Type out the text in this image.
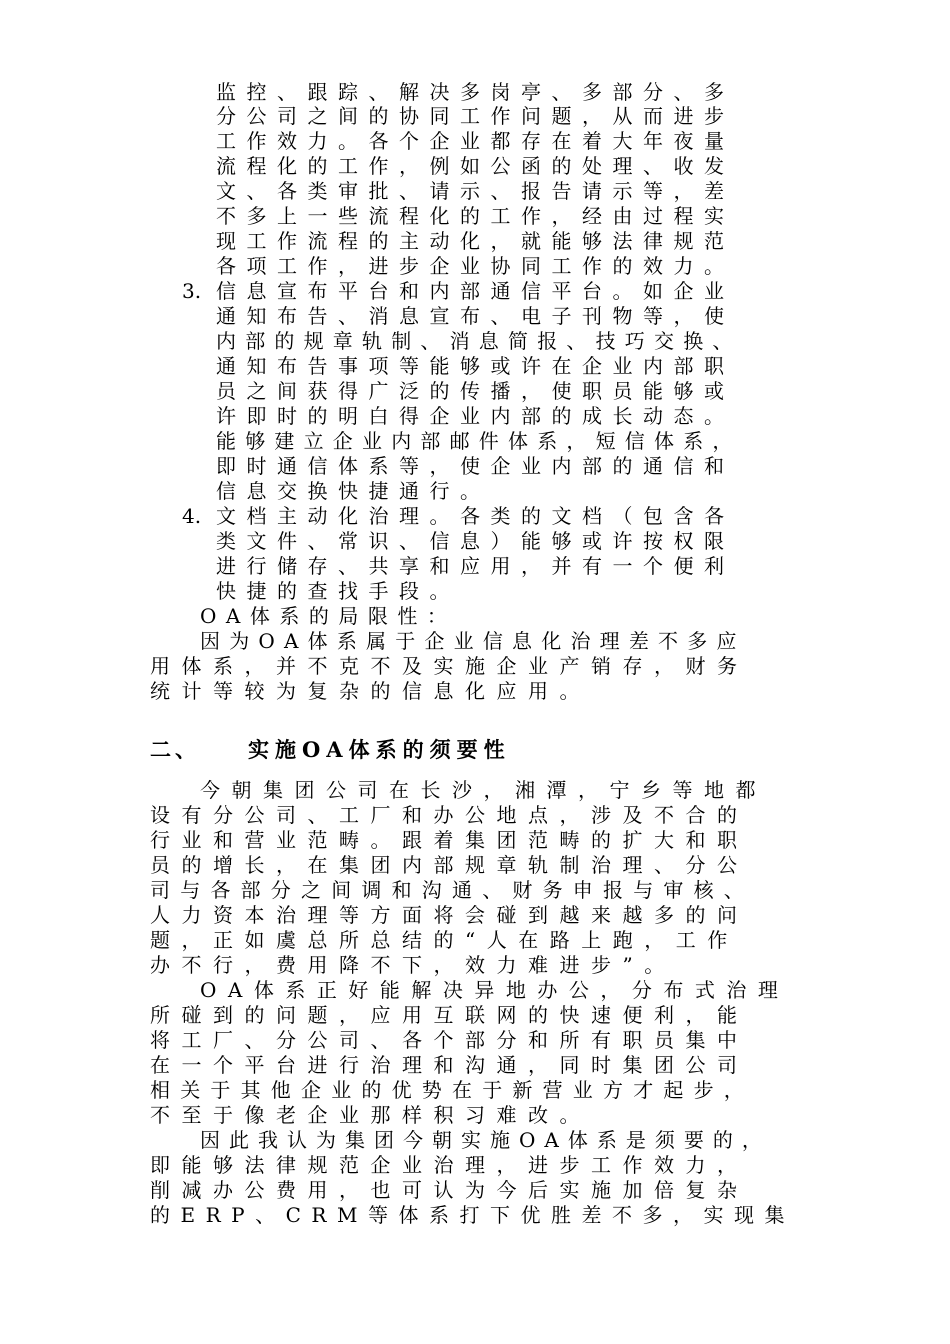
监控、跟踪、解决多岗亭、多部分、多

分公司之间的协同工作问题，从而进步

工作效力。各个企业都存在着大年夜量

流程化的工作，例如公函的处理、收发

文、各类审批、请示、报告请示等，差

不多上一些流程化的工作，经由过程实

现工作流程的主动化，就能够法律规范

各项工作，进步企业协同工作的效力。

3. 信息宣布平台和内部通信平台。如企业

通知布告、消息宣布、电子刊物等，使

内部的规章轨制、消息简报、技巧交换、

通知布告事项等能够或许在企业内部职

员之间获得广泛的传播，使职员能够或

许即时的明白得企业内部的成长动态。

能够建立企业内部邮件体系，短信体系，

即时通信体系等，使企业内部的通信和

信息交换快捷通行。

4. 文档主动化治理。各类的文档（包含各

类文件、常识、信息）能够或许按权限

进行储存、共享和应用，并有一个便利

快捷的查找手段。

OA体系的局限性：

因为OA体系属于企业信息化治理差不多应

用体系，并不克不及实施企业产销存，财务

统计等较为复杂的信息化应用。

二、 实施OA体系的须要性

今朝集团公司在长沙，湘潭，宁乡等地都

设有分公司、工厂和办公地点，涉及不合的

行业和营业范畴。跟着集团范畴的扩大和职

员的增长，在集团内部规章轨制治理、分公

司与各部分之间调和沟通、财务申报与审核、

人力资本治理等方面将会碰到越来越多的问

题，正如虞总所总结的“人在路上跑，工作

办不行，费用降不下，效力难进步”。

OA体系正好能解决异地办公，分布式治理

所碰到的问题，应用互联网的快速便利，能

将工厂、分公司、各个部分和所有职员集中

在一个平台进行治理和沟通，同时集团公司

相关于其他企业的优势在于新营业方才起步，

不至于像老企业那样积习难改。

因此我认为集团今朝实施OA体系是须要的，

即能够法律规范企业治理，进步工作效力，

削减办公费用，也可认为今后实施加倍复杂

的ERP、CRM等体系打下优胜差不多，实现集
